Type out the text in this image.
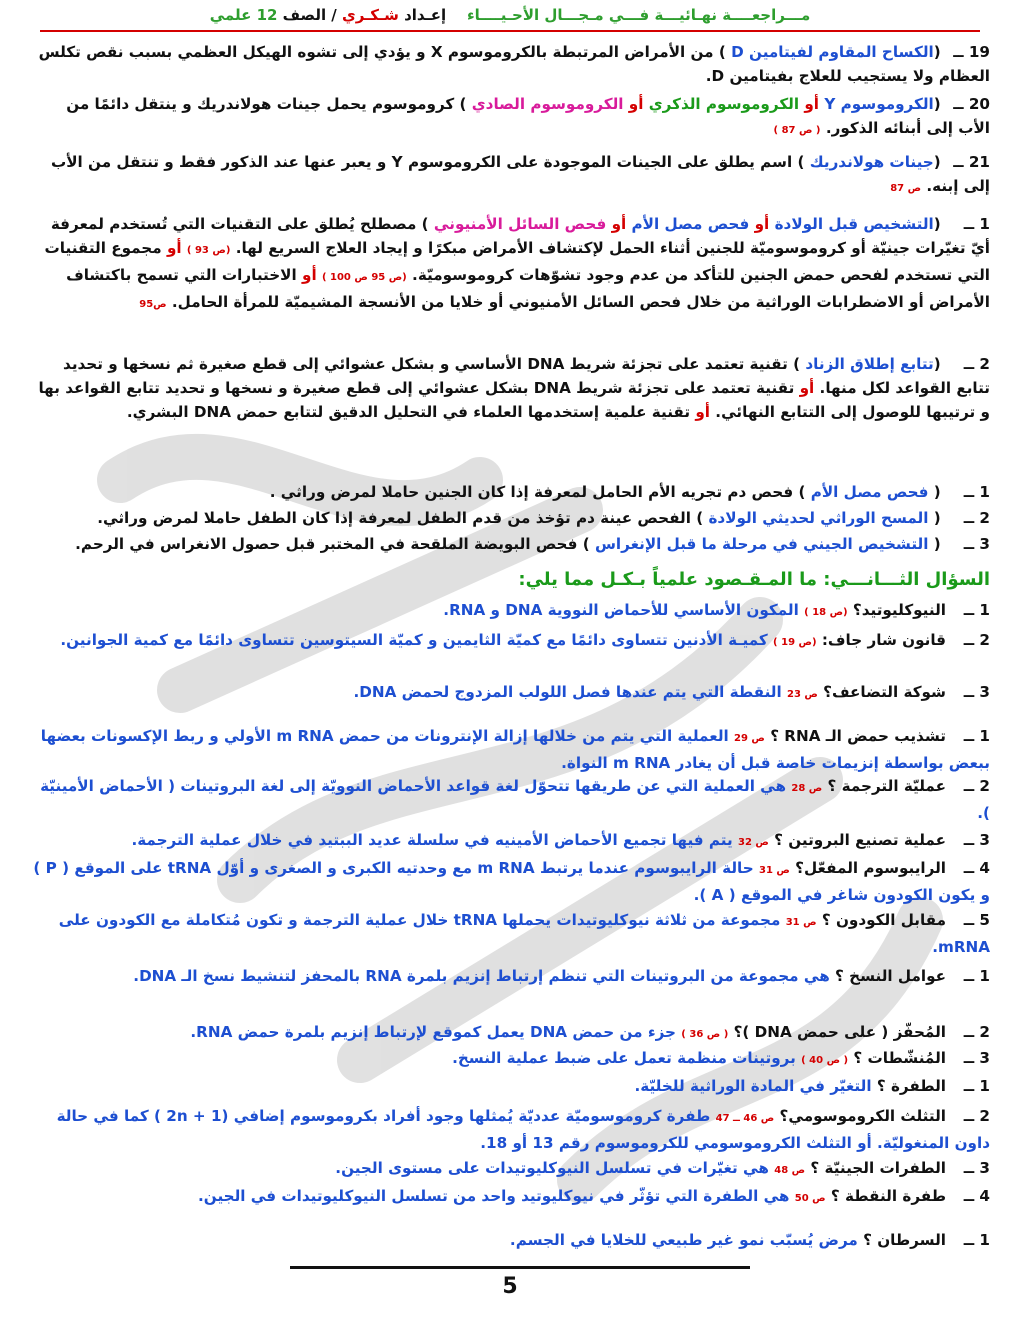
مـــراجعــــة نهـائيـــة فـــي مـجـــال الأحـيــــاء    إعـداد شـكـري / الصف 12 علمي
19 ــ (الكساح المقاوم لفيتامين D ) من الأمراض المرتبطة بالكروموسوم X و يؤدي إلى تشوه الهيكل العظمي بسبب نقص تكلس العظام ولا يستجيب للعلاج بفيتامين D.
20 ــ (الكروموسوم Y أو الكروموسوم الذكري أو الكروموسوم الصادي ) كروموسوم يحمل جينات هولاندريك و ينتقل دائمًا من الأب إلى أبنائه الذكور. ( ص 87 )
21 ــ (جينات هولاندريك ) اسم يطلق على الجينات الموجودة على الكروموسوم Y و يعبر عنها عند الذكور فقط و تنتقل من الأب إلى إبنه. ص 87
1 ــ (التشخيص قبل الولادة أو فحص مصل الأم أو فحص السائل الأمنيوني ) مصطلح يُطلق على التقنيات التي تُستخدم لمعرفة أيّ تغيّرات جينيّة أو كروموسوميّة للجنين أثناء الحمل لإكتشاف الأمراض مبكرًا و إيجاد العلاج السريع لها. (ص 93 ) أو مجموع التقنيات التي تستخدم لفحص حمض الجنين للتأكد من عدم وجود تشوّهات كروموسوميّة. (ص 95 ص 100 ) أو الاختبارات التي تسمح باكتشاف الأمراض أو الاضطرابات الوراثية من خلال فحص السائل الأمنيوني أو خلايا من الأنسجة المشيميّة للمرأة الحامل. ص95
2 ــ (تتابع إطلاق الزناد ) تقنية تعتمد على تجزئة شريط DNA الأساسي و بشكل عشوائي إلى قطع صغيرة ثم نسخها و تحديد تتابع القواعد لكل منها. أو تقنية تعتمد على تجزئة شريط DNA بشكل عشوائي إلى قطع صغيرة و نسخها و تحديد تتابع القواعد بها و ترتيبها للوصول إلى التتابع النهائي. أو تقنية علمية إستخدمها العلماء في التحليل الدقيق لتتابع حمض DNA البشري.
1 ــ ( فحص مصل الأم ) فحص دم تجريه الأم الحامل لمعرفة إذا كان الجنين حاملا لمرض وراثي .
2 ــ ( المسح الوراثي لحديثي الولادة ) الفحص عينة دم تؤخذ من قدم الطفل لمعرفة إذا كان الطفل حاملا لمرض وراثي.
3 ــ ( التشخيص الجيني في مرحلة ما قبل الإنغراس ) فحص البويضة الملقحة في المختبر قبل حصول الانغراس في الرحم.
السؤال الثـــانـــي: ما المـقـصود علمياً بـكـل مما يلي:
1 ــالنيوكليوتيد؟ (ص 18 ) المكون الأساسي للأحماض النووية DNA و RNA.
2 ــقانون شار جاف: (ص 19 ) كميـة الأدنين تتساوى دائمًا مع كميّة الثايمين و كميّة السيتوسين تتساوى دائمًا مع كمية الجوانين.
3 ــشوكة التضاعف؟ ص 23 النقطة التي يتم عندها فصل اللولب المزدوج لحمض DNA.
1 ــتشذيب حمض الـ RNA ؟ ص 29 العملية التي يتم من خلالها إزالة الإنترونات من حمض m RNA الأولي و ربط الإكسونات بعضها ببعض بواسطة إنزيمات خاصة قبل أن يغادر m RNA النواة.
2 ــعمليّة الترجمة ؟ ص 28 هي العملية التي عن طريقها تتحوّل لغة قواعد الأحماض النوويّة إلى لغة البروتينات ( الأحماض الأمينيّة ).
3 ــعملية تصنيع البروتين ؟ ص 32 يتم فيها تجميع الأحماض الأمينيه في سلسلة عديد الببتيد في خلال عملية الترجمة.
4 ــالرايبوسوم المفعّل؟ ص 31 حالة الرايبوسوم عندما يرتبط m RNA مع وحدتيه الكبرى و الصغرى و أوّل tRNA على الموقع ( P ) و يكون الكودون شاغر في الموقع ( A ).
5 ــمقابل الكودون ؟ ص 31 مجموعة من ثلاثة نيوكليوتيدات يحملها tRNA خلال عملية الترجمة و تكون مُتكاملة مع الكودون على mRNA.
1 ــعوامل النسخ ؟ هي مجموعة من البروتينات التي تنظم إرتباط إنزيم بلمرة RNA بالمحفز لتنشيط نسخ الـ DNA.
2 ــالمُحفّز ( على حمض DNA )؟ ( ص 36 ) جزء من حمض DNA يعمل كموقع لإرتباط إنزيم بلمرة حمض RNA.
3 ــالمُنشّطات ؟ ( ص 40 ) بروتينات منظمة تعمل على ضبط عملية النسخ.
1 ــالطفرة ؟ التغيّر في المادة الوراثية للخليّة.
2 ــالتثلث الكروموسومي؟ ص 46 ــ 47 طفرة كروموسوميّة عدديّة يُمثلها وجود أفراد بكروموسوم إضافي (1 + 2n ) كما في حالة داون المنغوليّة. أو التثلث الكروموسومي للكروموسوم رقم 13 أو 18.
3 ــالطفرات الجينيّة ؟ ص 48 هي تغيّرات في تسلسل النيوكليوتيدات على مستوى الجين.
4 ــطفرة النقطة ؟ ص 50 هي الطفرة التي تؤثّر في نيوكليوتيد واحد من تسلسل النيوكليوتيدات في الجين.
1 ــالسرطان ؟ مرض يُسبّب نمو غير طبيعي للخلايا في الجسم.
5
